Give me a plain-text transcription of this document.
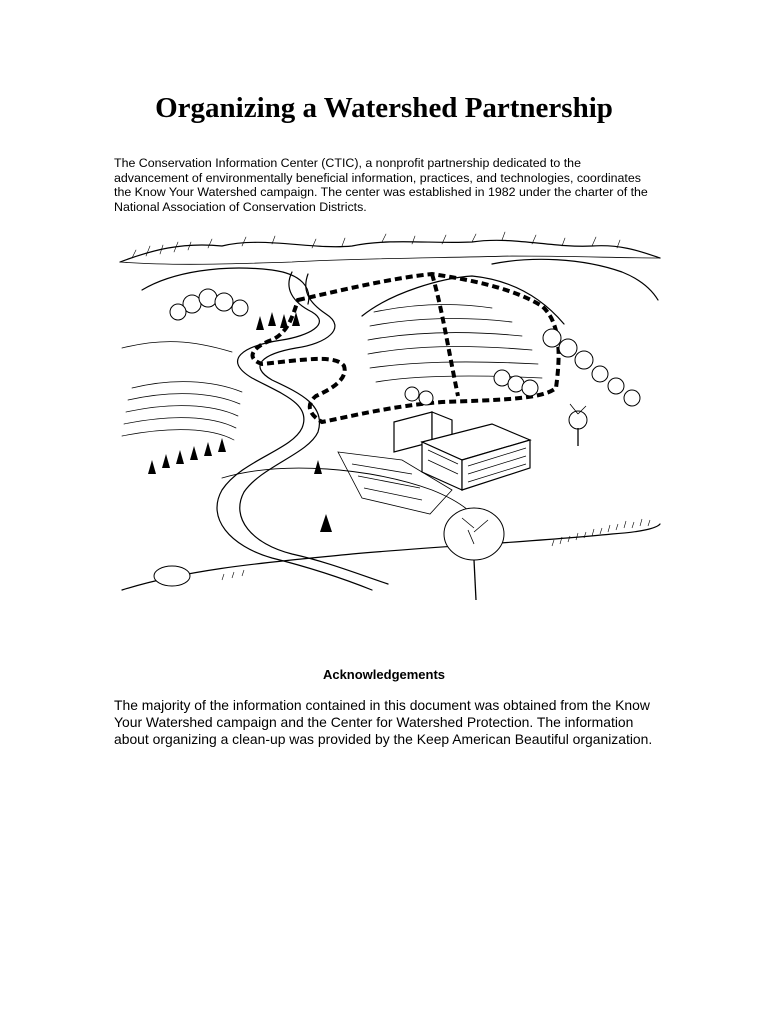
Organizing a Watershed Partnership

The Conservation Information Center (CTIC), a nonprofit partnership dedicated to the advancement of environmentally beneficial information, practices, and technologies, coordinates the Know Your Watershed campaign. The center was established in 1982 under the charter of the National Association of Conservation Districts.

Acknowledgements

The majority of the information contained in this document was obtained from the Know Your Watershed campaign and the Center for Watershed Protection. The information about organizing a clean-up was provided by the Keep American Beautiful organization.
